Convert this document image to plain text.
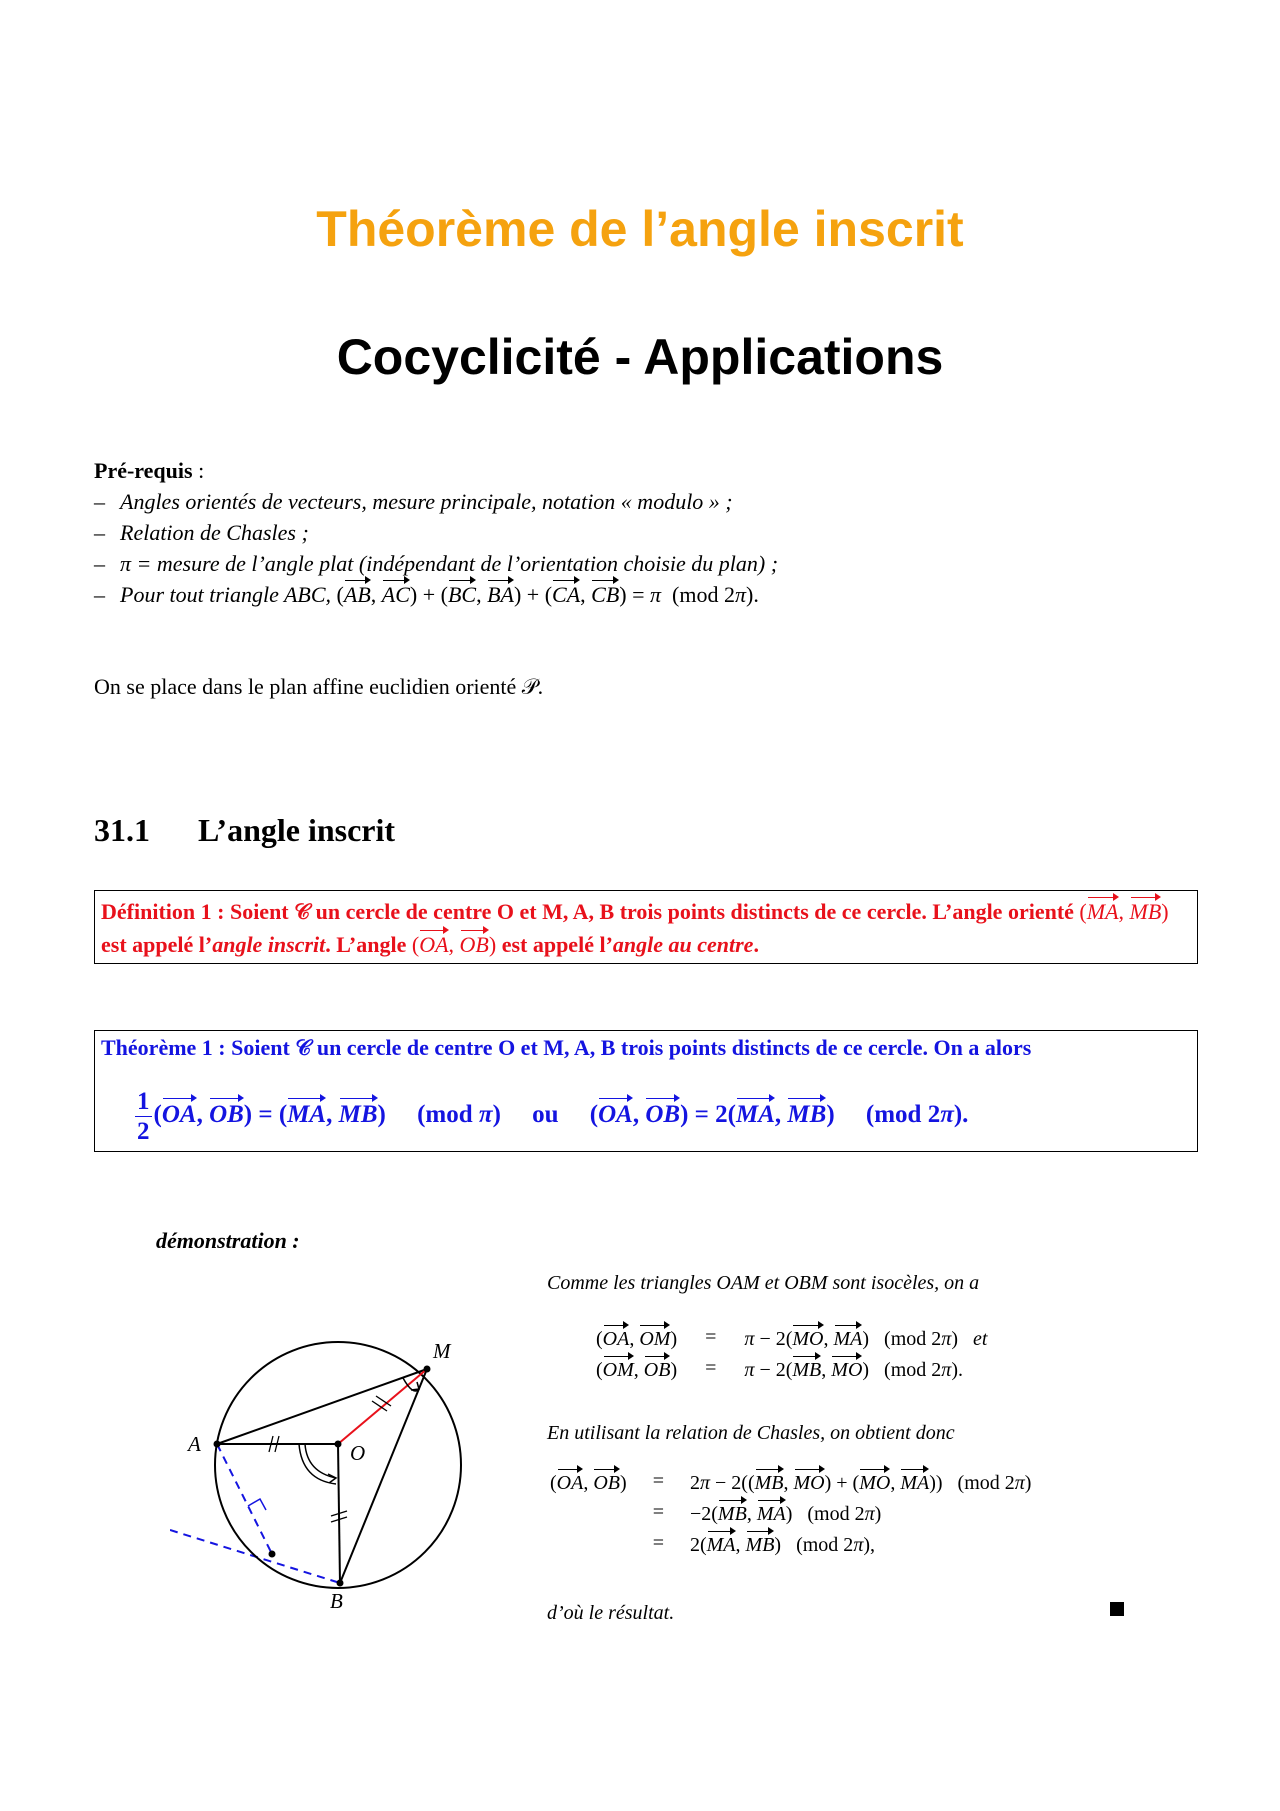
Théorème de l’angle inscrit
Cocyclicité - Applications
Pré-requis :
– Angles orientés de vecteurs, mesure principale, notation « modulo » ;
– Relation de Chasles ;
– π = mesure de l’angle plat (indépendant de l’orientation choisie du plan) ;
– Pour tout triangle ABC, (AB, AC) + (BC, BA) + (CA, CB) = π  (mod 2π).
On se place dans le plan affine euclidien orienté 𝒫.
31.1 L’angle inscrit
Définition 1 : Soient 𝒞 un cercle de centre O et M, A, B trois points distincts de ce cercle. L’angle orienté (MA, MB) est appelé l’angle inscrit. L’angle (OA, OB) est appelé l’angle au centre.
Théorème 1 : Soient 𝒞 un cercle de centre O et M, A, B trois points distincts de ce cercle. On a alors
$\frac{1}{2} (OA$, OB) = (MA, MB)     (mod π)     ou     (OA, OB) = 2(MA, MB)     (mod 2π).
démonstration :
Comme les triangles OAM et OBM sont isocèles, on a
(OA, OM)	=	π − 2(MO, MA)   (mod 2π) et
(OM, OB)	=	π − 2(MB, MO)   (mod 2π).
En utilisant la relation de Chasles, on obtient donc
(OA, OB)	=	2π − 2((MB, MO) + (MO, MA))   (mod 2π)
	=	−2(MB, MA)   (mod 2π)
	=	2(MA, MB)   (mod 2π),
d’où le résultat.
M
A	O
B
